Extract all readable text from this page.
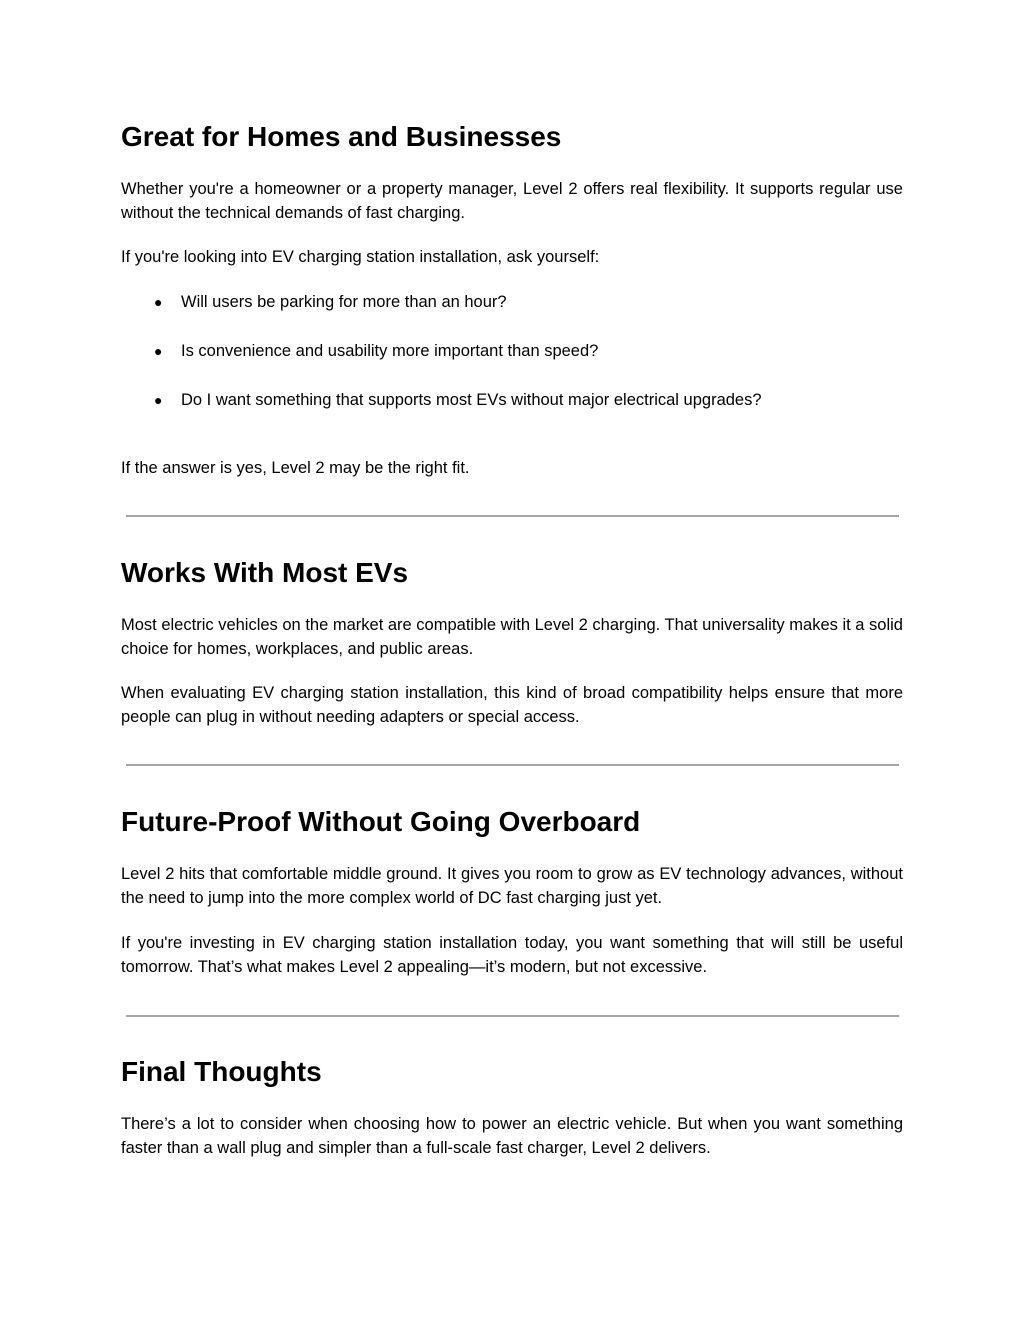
Great for Homes and Businesses

Whether you're a homeowner or a property manager, Level 2 offers real flexibility. It supports regular use without the technical demands of fast charging.

If you're looking into EV charging station installation, ask yourself:

● Will users be parking for more than an hour?
● Is convenience and usability more important than speed?
● Do I want something that supports most EVs without major electrical upgrades?

If the answer is yes, Level 2 may be the right fit.

Works With Most EVs

Most electric vehicles on the market are compatible with Level 2 charging. That universality makes it a solid choice for homes, workplaces, and public areas.

When evaluating EV charging station installation, this kind of broad compatibility helps ensure that more people can plug in without needing adapters or special access.

Future-Proof Without Going Overboard

Level 2 hits that comfortable middle ground. It gives you room to grow as EV technology advances, without the need to jump into the more complex world of DC fast charging just yet.

If you're investing in EV charging station installation today, you want something that will still be useful tomorrow. That’s what makes Level 2 appealing—it’s modern, but not excessive.

Final Thoughts

There’s a lot to consider when choosing how to power an electric vehicle. But when you want something faster than a wall plug and simpler than a full-scale fast charger, Level 2 delivers.
